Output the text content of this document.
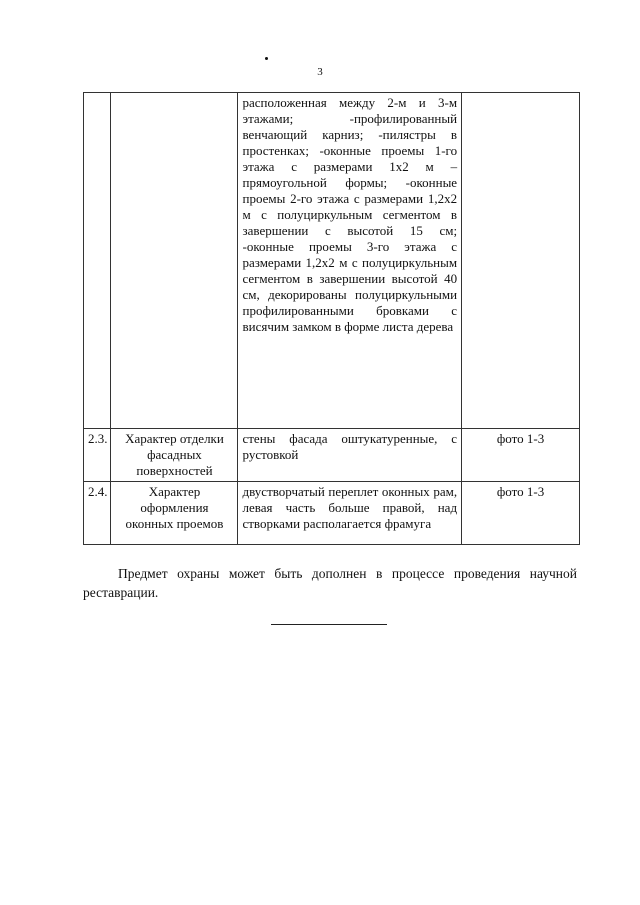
3
		расположенная между 2-м и 3-м этажами; -профилированный венчающий карниз; -пилястры в простенках; -оконные проемы 1-го этажа с размерами 1х2 м – прямоугольной формы; -оконные проемы 2-го этажа с размерами 1,2х2 м с полуциркульным сегментом в завершении с высотой 15 см; -оконные проемы 3-го этажа с размерами 1,2х2 м с полуциркульным сегментом в завершении высотой 40 см, декорированы полуциркульными профилированными бровками с висячим замком в форме листа дерева	
2.3.	Характер отделки фасадных поверхностей	стены фасада оштукатуренные, с рустовкой	фото 1-3
2.4.	Характер оформления оконных проемов	двустворчатый переплет оконных рам, левая часть больше правой, над створками располагается фрамуга	фото 1-3
Предмет охраны может быть дополнен в процессе проведения научной реставрации.
